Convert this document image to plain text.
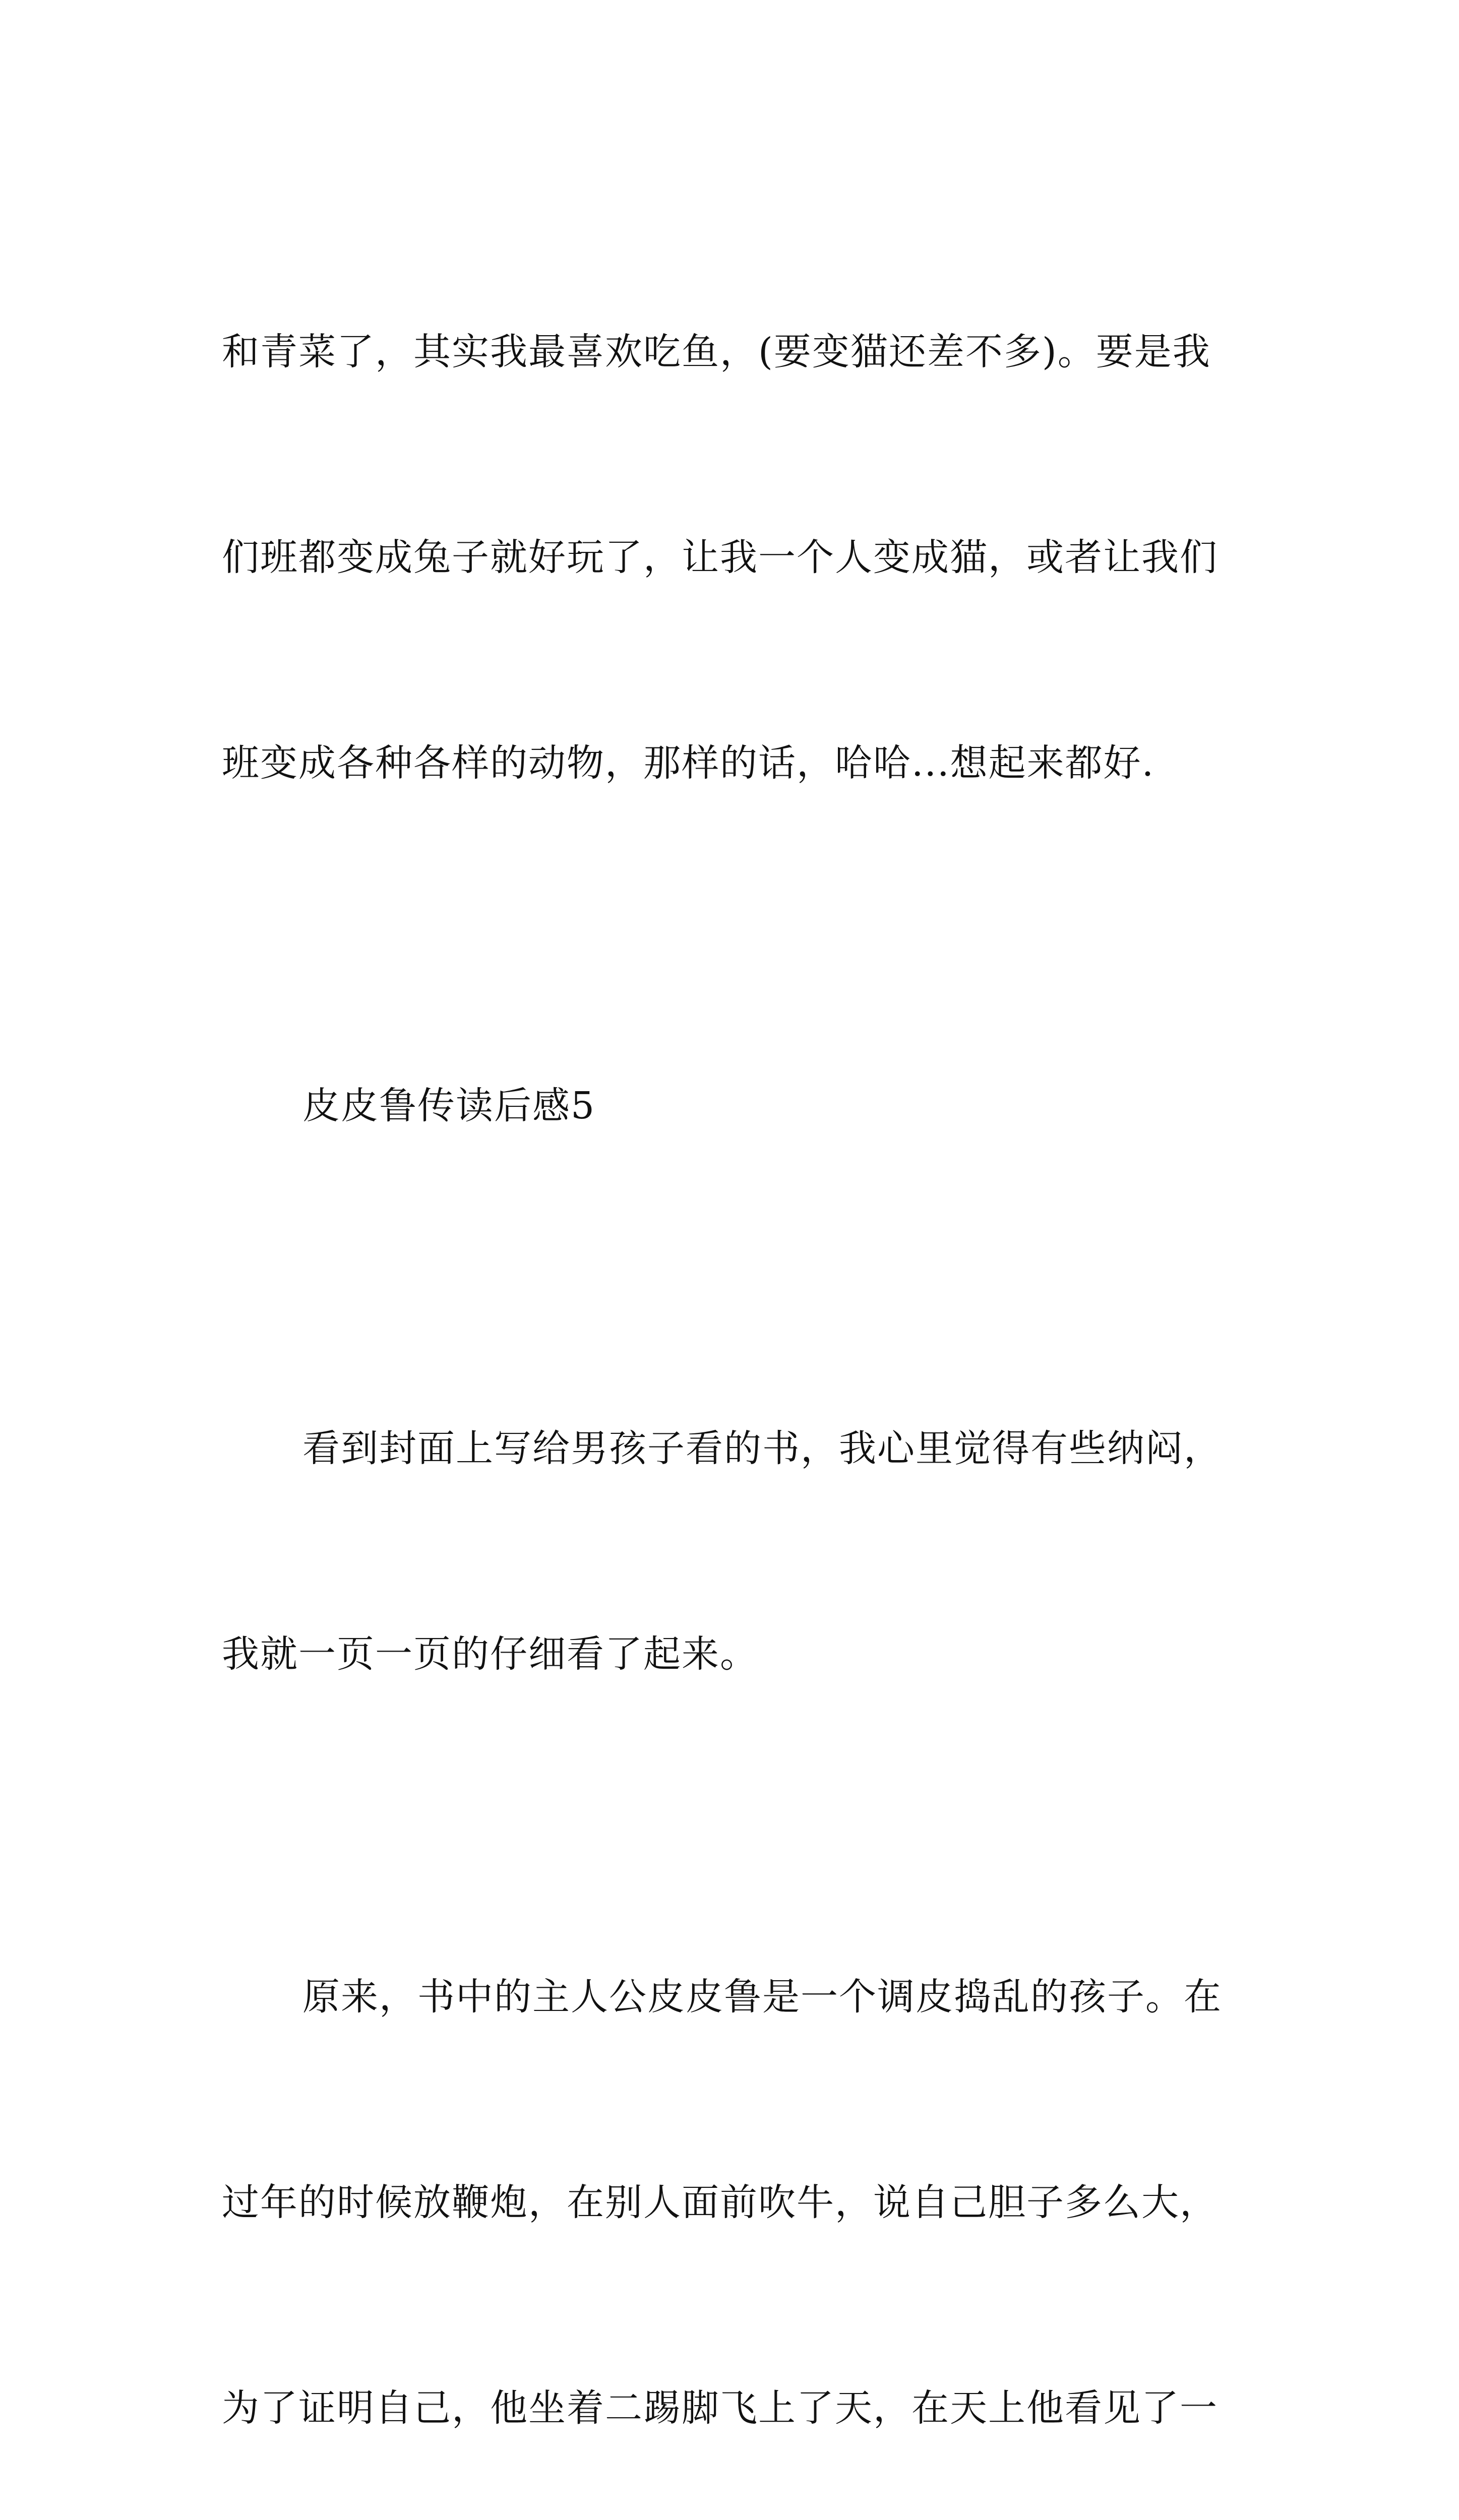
和青菜了，其实我最喜欢吃鱼，(要变猫还差不多)。要是我

们班都变成兔子就好玩了，让我一个人变成猫，或者让我们

班变成各种各样的动物，那样的话，哈哈...想起来都好.

皮皮鲁传读后感5

看到封面上写给男孩子看的书，我心里觉得有些纳闷，

我就一页一页的仔细看了起来。

原来，书中的主人公皮皮鲁是一个调皮捣乱的孩子。在

过年的时候放鞭炮，在别人面前吹牛，说自己胆子多么大，

为了证明自己，他坐着二踢脚飞上了天，在天上他看见了一
